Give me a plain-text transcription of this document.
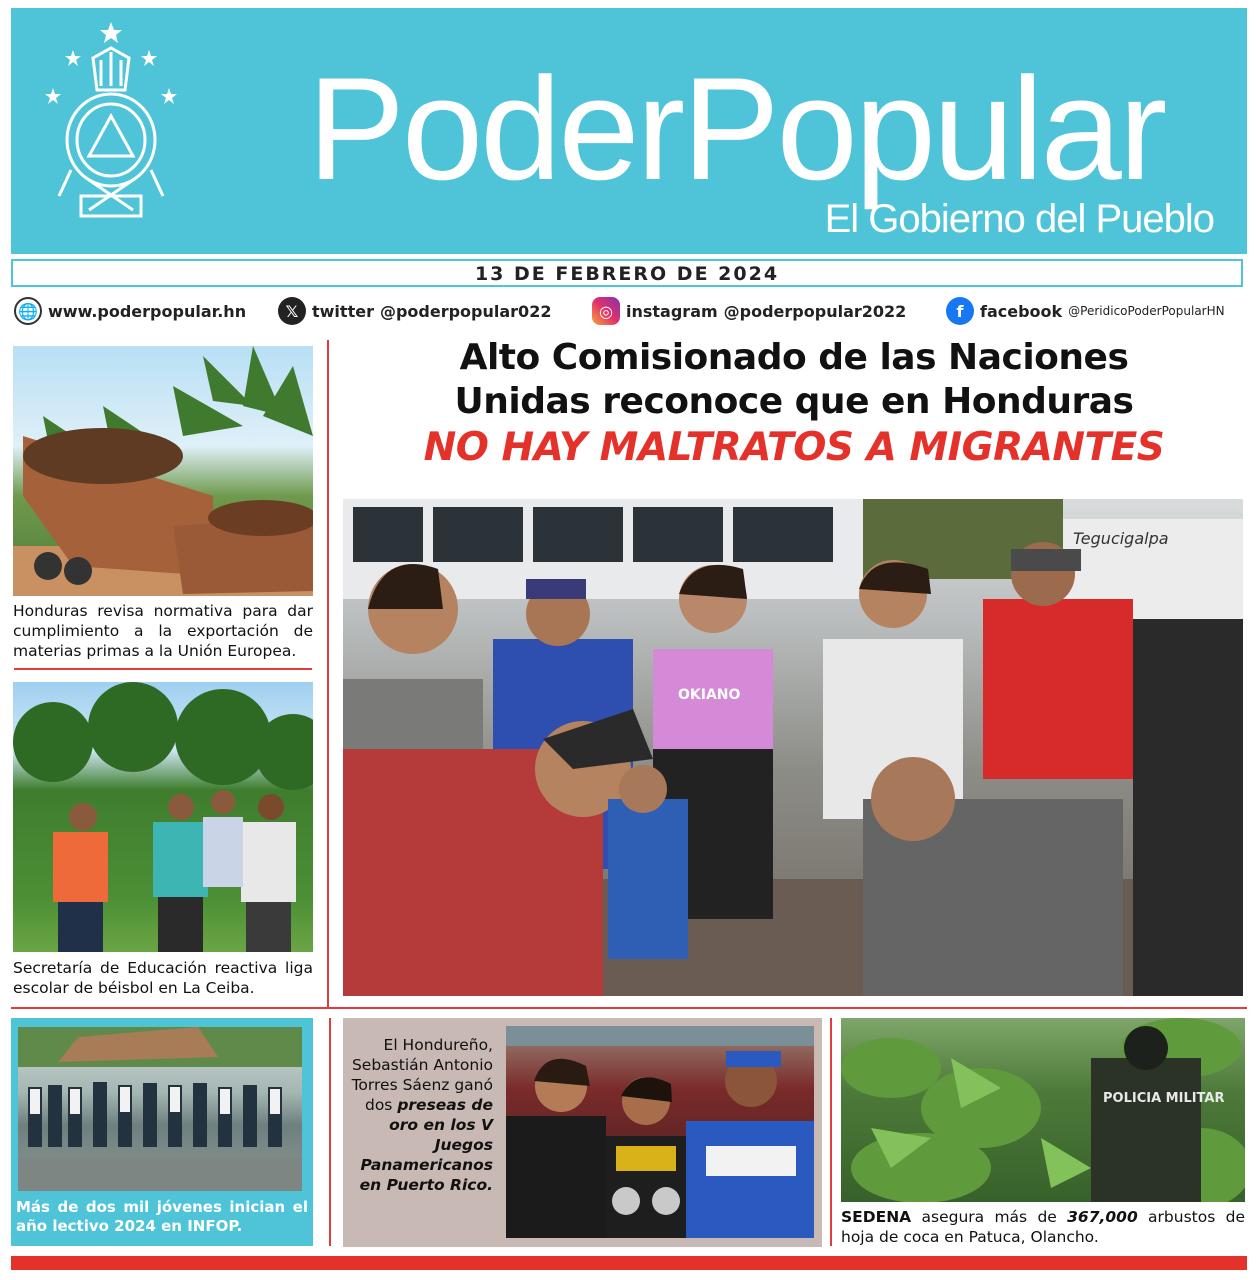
PoderPopular
El Gobierno del Pueblo
13 DE FEBRERO DE 2024
🌐 www.poderpopular.hn	𝕏 twitter @poderpopular022	◎ instagram @poderpopular2022	f	facebook @PeridicoPoderPopularHN
Honduras revisa normativa para dar cumplimiento a la exportación de materias primas a la Unión Europea.
Secretaría de Educación reactiva liga escolar de béisbol en La Ceiba.
Más de dos mil jóvenes inician el año lectivo 2024 en INFOP.
Alto Comisionado de las Naciones
Unidas reconoce que en Honduras
NO HAY MALTRATOS A MIGRANTES
Tegucigalpa
OKIANO
El Hondureño, Sebastián Antonio Torres Sáenz ganó dos preseas de oro en los V Juegos Panamericanos en Puerto Rico.
POLICIA MILITAR
SEDENA asegura más de 367,000 arbustos de hoja de coca en Patuca, Olancho.
